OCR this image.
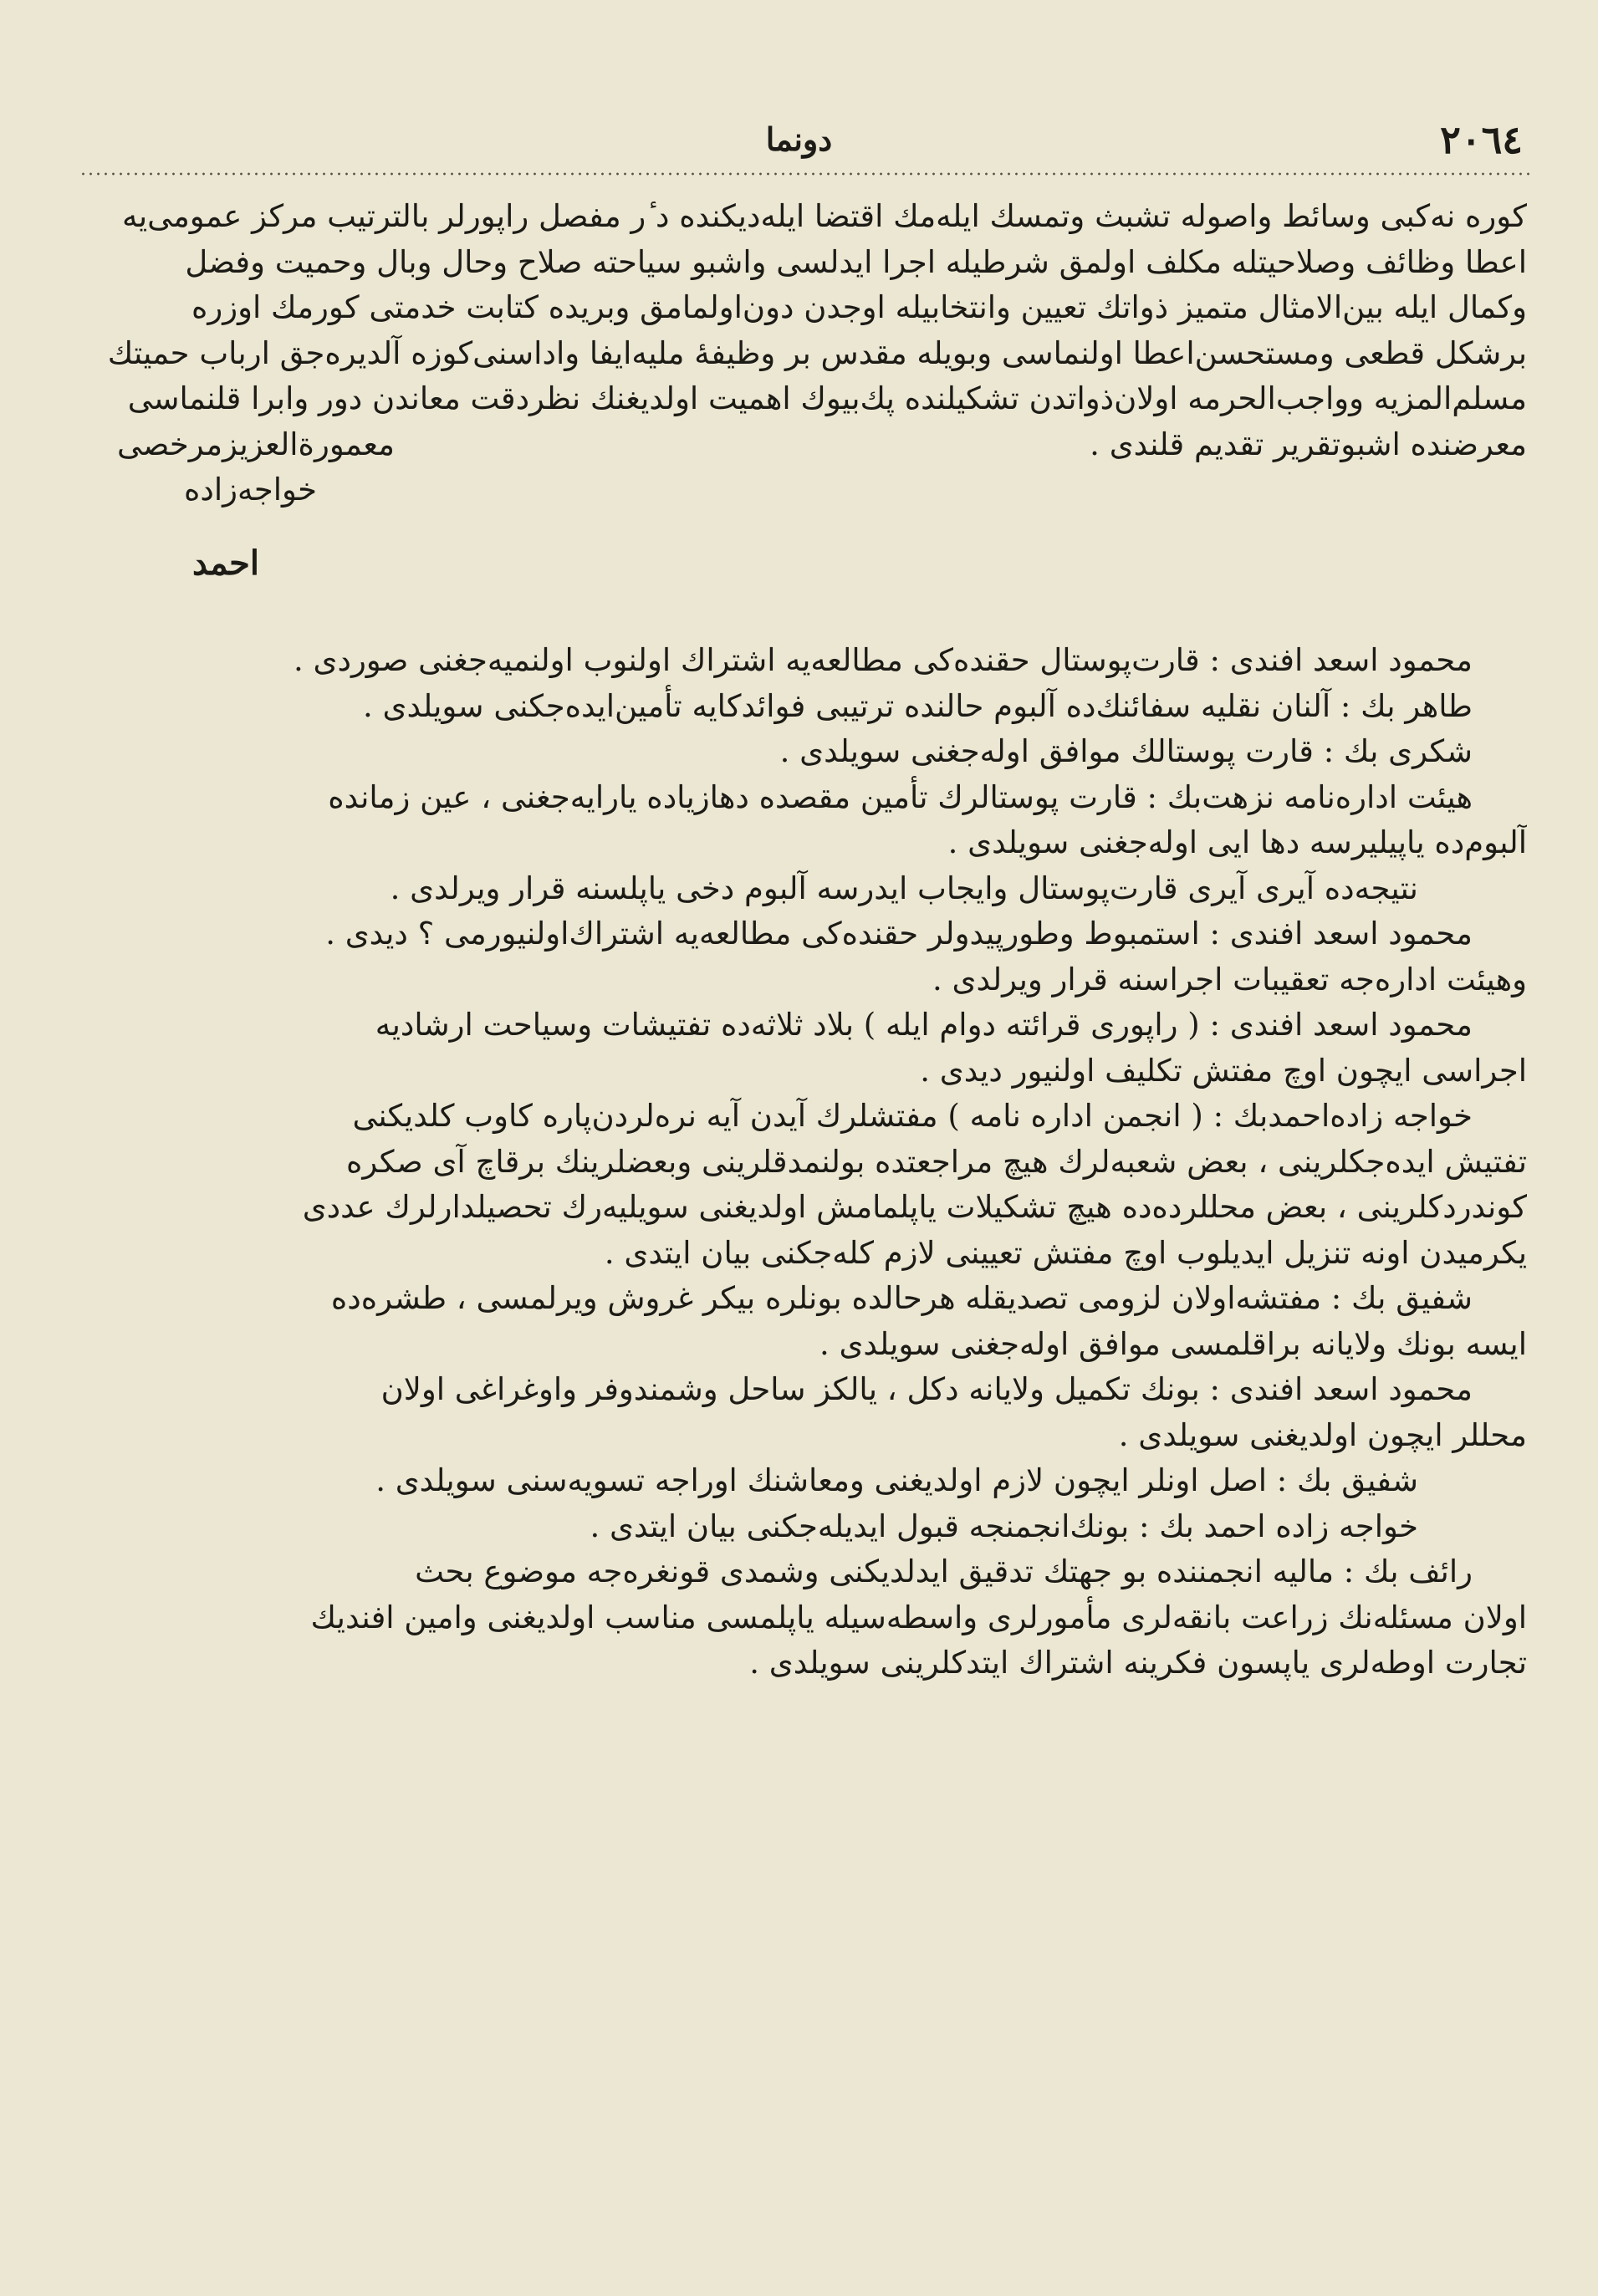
٢٠٦٤
دونما
كوره نه‌كبی وسائط واصوله تشبث وتمسك ايله‌مك اقتضا ايله‌ديكنده د ٔر مفصل راپورلر بالترتيب مركز عمومی‌يه
اعطا وظائف وصلاحيتله مكلف اولمق شرطيله اجرا ايدلسی واشبو سياحته صلاح وحال وبال وحميت وفضل
وكمال ايله بين‌الامثال متميز ذواتك تعيين وانتخابيله اوجدن دون‌اولمامق وبريده كتابت خدمتی كورمك اوزره
برشكل قطعی ومستحسن‌اعطا اولنماسی وبويله مقدس بر وظيفهٔ مليه‌ايفا واداسنی‌كوزه آلديره‌جق ارباب حميتك
مسلم‌المزيه وواجب‌الحرمه اولان‌ذواتدن تشكيلنده پك‌بيوك اهميت اولديغنك نظردقت معاندن دور وابرا قلنماسی
معرضنده اشبوتقرير تقديم قلندی .
معمورة‌العزيز‌مرخصی
خواجه‌زاده
احمد
محمود اسعد افندی : قارت‌پوستال حقنده‌كی مطالعه‌يه اشتراك اولنوب اولنميه‌جغنی صوردی .
طاهر بك : آلنان نقليه سفائنك‌ده آلبوم حالنده ترتيبی فوائدكايه تأمين‌ايده‌جكنی سويلدی .
شكری بك : قارت پوستالك موافق اوله‌جغنی سويلدی .
هيئت اداره‌نامه نزهت‌بك : قارت پوستالرك تأمين مقصده دهازياده يارايه‌جغنی ، عين زمانده
آلبوم‌ده ياپيليرسه دها ايی اوله‌جغنی سويلدی .
نتيجه‌ده آيری آيری قارت‌پوستال وايجاب ايدرسه آلبوم دخی ياپلسنه قرار ويرلدی .
محمود اسعد افندی : استمبوط وطورپيدولر حقنده‌كی مطالعه‌يه اشتراك‌اولنيورمی ؟ ديدی .
وهيئت اداره‌جه تعقيبات اجراسنه قرار ويرلدی .
محمود اسعد افندی : ( راپوری قرائته دوام ايله ) بلاد ثلاثه‌ده تفتيشات وسياحت ارشاديه
اجراسی ايچون اوچ مفتش تكليف اولنيور ديدی .
خواجه زاده‌احمدبك : ( انجمن اداره نامه ) مفتشلرك آيدن آيه نره‌لردن‌پاره كاوب كلديكنی
تفتيش ايده‌جكلرينی ، بعض شعبه‌لرك هيچ مراجعتده بولنمدقلرينی وبعضلرينك برقاچ آی صكره
كوندردكلرينی ، بعض محللرده‌ده هيچ تشكيلات ياپلمامش اولديغنی سويليه‌رك تحصيلدارلرك عددی
يكرميدن اونه تنزيل ايديلوب اوچ مفتش تعيينی لازم كله‌جكنی بيان ايتدی .
شفيق بك : مفتشه‌اولان لزومی تصديقله هرحالده بونلره بيكر غروش ويرلمسی ، طشره‌ده
ايسه بونك ولايانه براقلمسی موافق اوله‌جغنی سويلدی .
محمود اسعد افندی : بونك تكميل ولايانه دكل ، يالكز ساحل وشمندوفر واوغراغی اولان
محللر ايچون اولديغنی سويلدی .
شفيق بك : اصل اونلر ايچون لازم اولديغنی ومعاشنك اوراجه تسويه‌سنی سويلدی .
خواجه زاده احمد بك : بونك‌انجمنجه قبول ايديله‌جكنی بيان ايتدی .
رائف بك : ماليه انجمننده بو جهتك تدقيق ايدلديكنی وشمدی قونغره‌جه موضوع بحث
اولان مسئله‌نك زراعت بانقه‌لری مأمورلری واسطه‌سيله ياپلمسی مناسب اولديغنی وامين افنديك
تجارت اوطه‌لری ياپسون فكرينه اشتراك ايتدكلرينی سويلدی .
